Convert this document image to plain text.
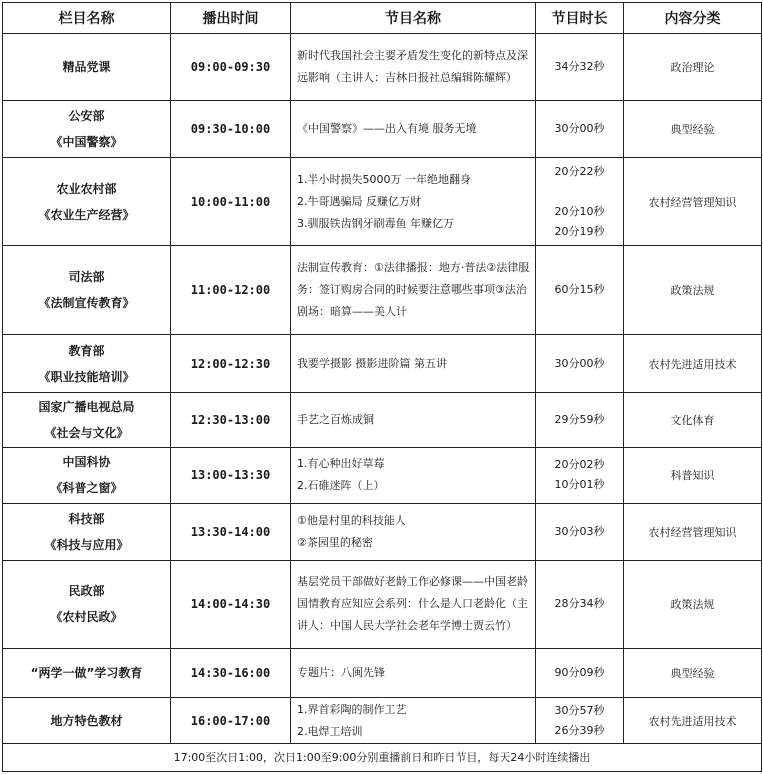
栏目名称	播出时间	节目名称	节目时长	内容分类

精品党课	09:00-09:30	新时代我国社会主要矛盾发生变化的新特点及深远影响（主讲人：吉林日报社总编辑陈耀辉）	34分32秒	政治理论

公安部
《中国警察》	09:30-10:00	《中国警察》——出入有境 服务无境	30分00秒	典型经验

农业农村部
《农业生产经营》	10:00-11:00	1.半小时损失5000万 一年绝地翻身
2.牛哥遇骗局 反赚亿万财
3.驯服铁齿钢牙刷毒鱼 年赚亿万	20分22秒
20分10秒
20分19秒	农村经营管理知识

司法部
《法制宣传教育》	11:00-12:00	法制宣传教育：①法律播报：地方·普法②法律服务：签订购房合同的时候要注意哪些事项③法治剧场：暗算——美人计	60分15秒	政策法规

教育部
《职业技能培训》	12:00-12:30	我要学摄影 摄影进阶篇 第五讲	30分00秒	农村先进适用技术

国家广播电视总局
《社会与文化》	12:30-13:00	手艺之百炼成铜	29分59秒	文化体育

中国科协
《科普之窗》	13:00-13:30	1.有心种出好草莓
2.石碓迷阵（上）	20分02秒
10分01秒	科普知识

科技部
《科技与应用》	13:30-14:00	①他是村里的科技能人
②茶园里的秘密	30分03秒	农村经营管理知识

民政部
《农村民政》	14:00-14:30	基层党员干部做好老龄工作必修课——中国老龄国情教育应知应会系列：什么是人口老龄化（主讲人：中国人民大学社会老年学博士贾云竹）	28分34秒	政策法规

“两学一做”学习教育	14:30-16:00	专题片：八闽先锋	90分09秒	典型经验

地方特色教材	16:00-17:00	1.界首彩陶的制作工艺
2.电焊工培训	30分57秒
26分39秒	农村先进适用技术
17:00至次日1:00，次日1:00至9:00分别重播前日和昨日节目，每天24小时连续播出				
